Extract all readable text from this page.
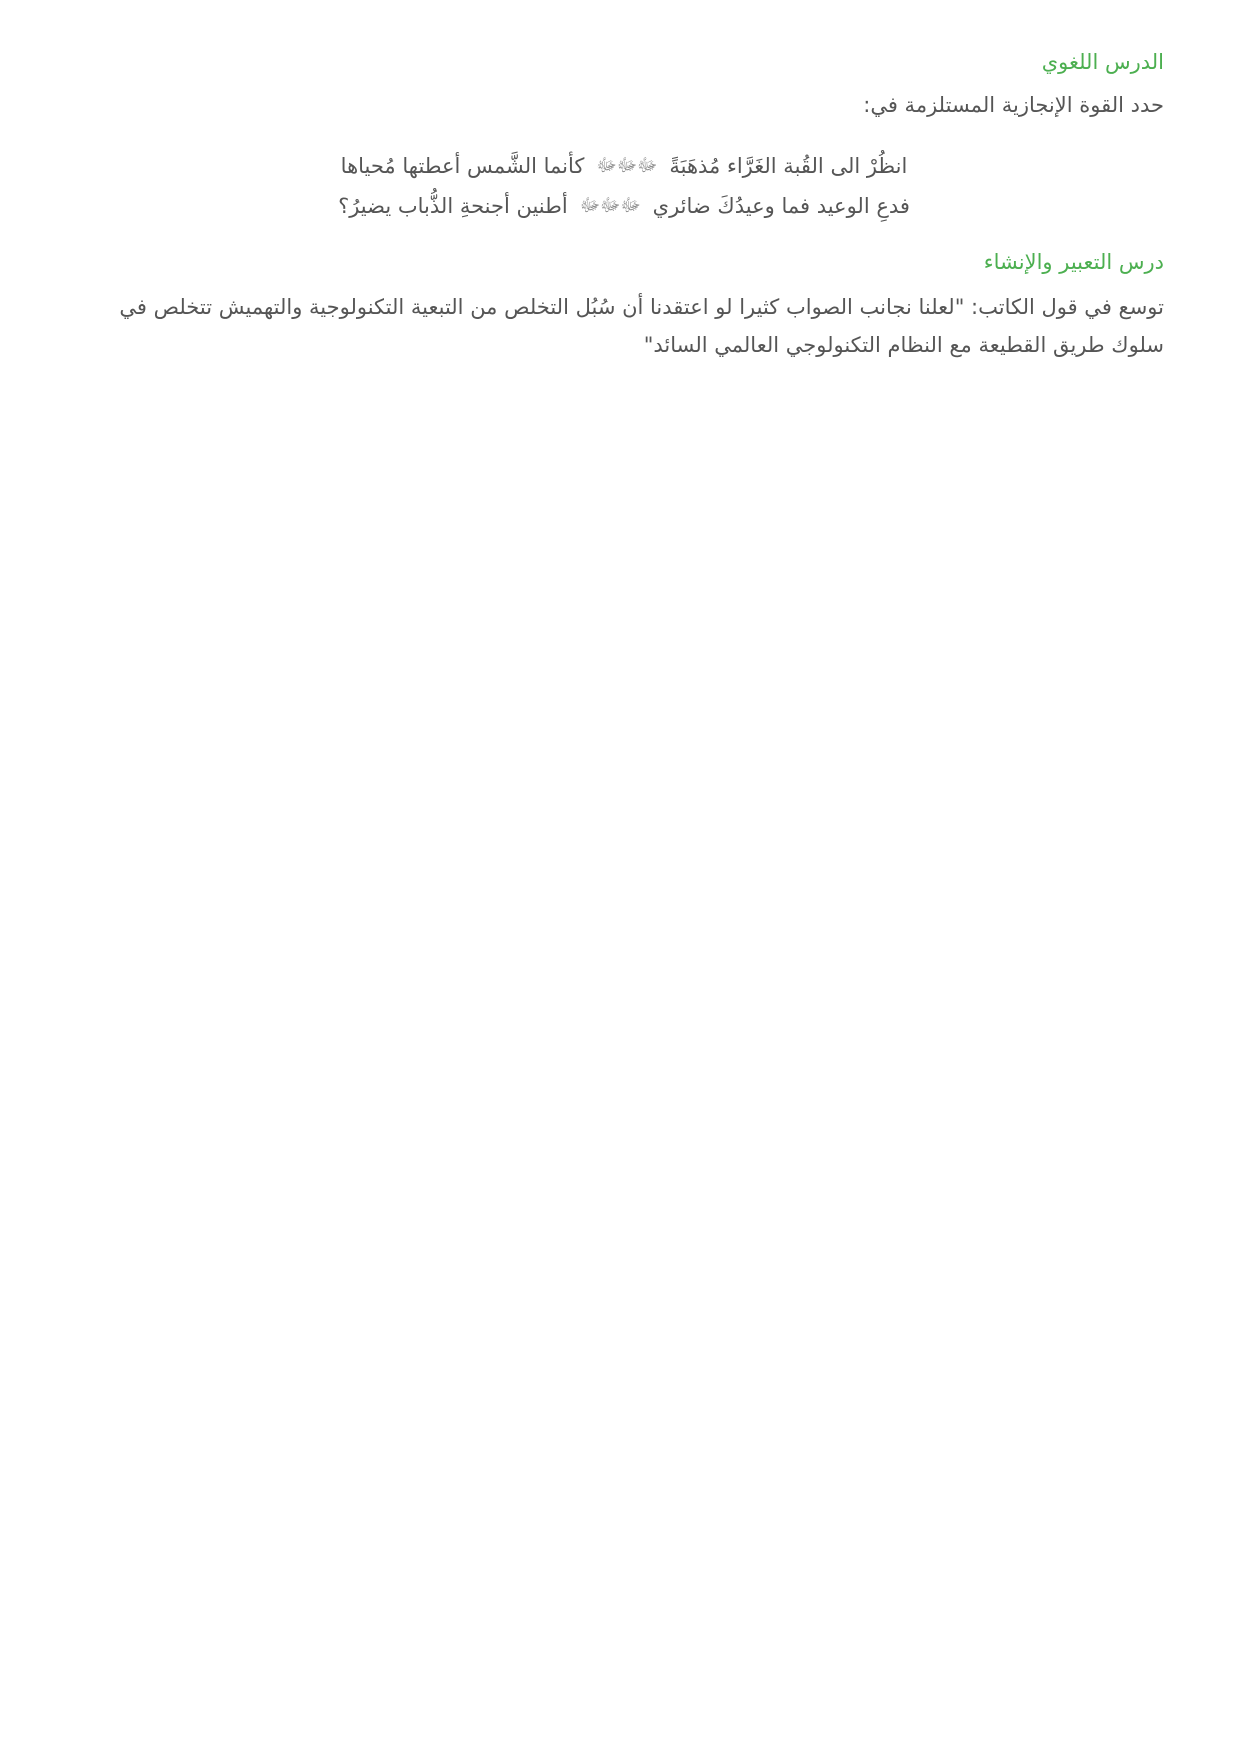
الدرس اللغوي

حدد القوة الإنجازية المستلزمة في:

انظُرْ الى القُبة الغَرَّاء مُذهَبَةً
ﷻﷻﷻ
كأنما الشَّمس أعطتها مُحياها
فدعِ الوعيد فما وعيدُكَ ضائري
ﷻﷻﷻ
أطنين أجنحةِ الذُّباب يضيرُ؟
درس التعبير والإنشاء

توسع في قول الكاتب: "لعلنا نجانب الصواب كثيرا لو اعتقدنا أن سُبُل التخلص من التبعية التكنولوجية والتهميش تتخلص في سلوك طريق القطيعة مع النظام التكنولوجي العالمي السائد"
